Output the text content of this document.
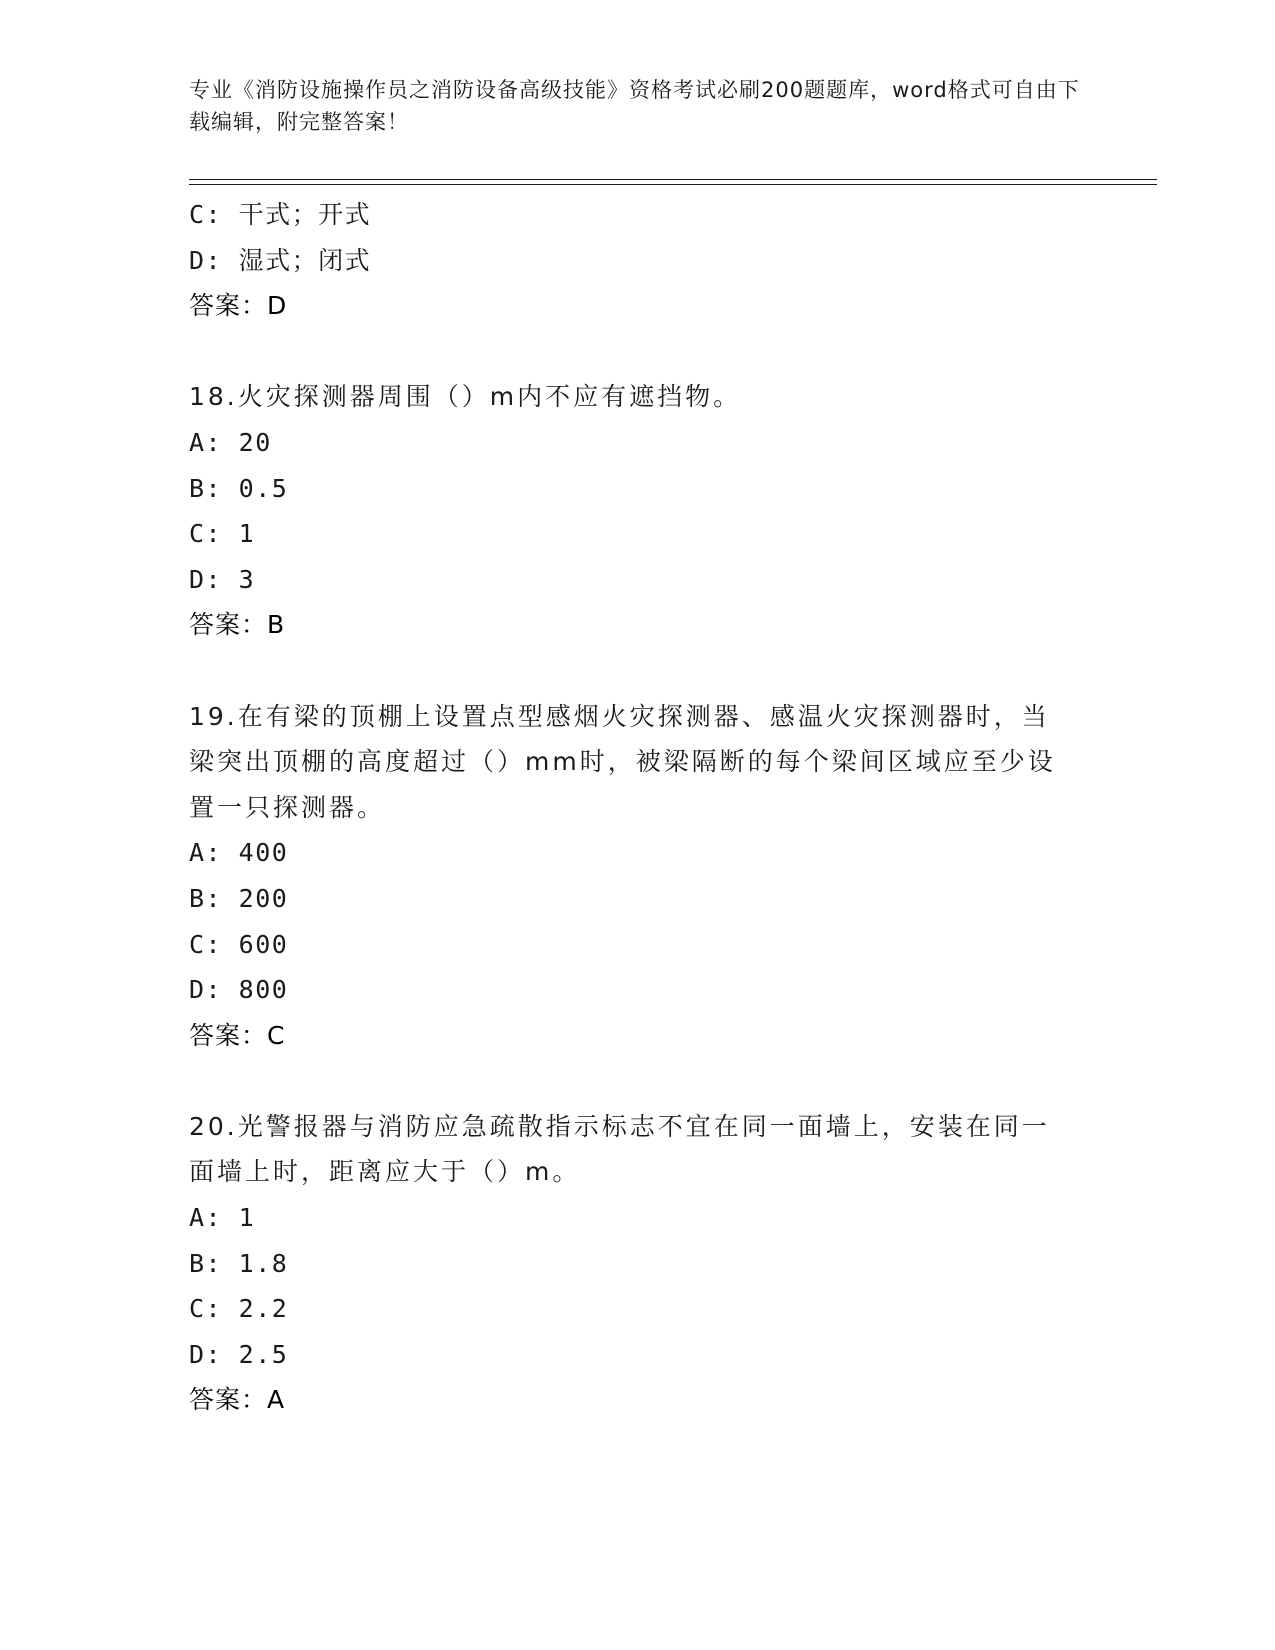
专业《消防设施操作员之消防设备高级技能》资格考试必刷200题题库，word格式可自由下载编辑，附完整答案！
C: 干式；开式
D: 湿式；闭式
答案：D
18.火灾探测器周围（）m内不应有遮挡物。
A: 20
B: 0.5
C: 1
D: 3
答案：B
19.在有梁的顶棚上设置点型感烟火灾探测器、感温火灾探测器时，当梁突出顶棚的高度超过（）mm时，被梁隔断的每个梁间区域应至少设置一只探测器。
A: 400
B: 200
C: 600
D: 800
答案：C
20.光警报器与消防应急疏散指示标志不宜在同一面墙上，安装在同一面墙上时，距离应大于（）m。
A: 1
B: 1.8
C: 2.2
D: 2.5
答案：A
